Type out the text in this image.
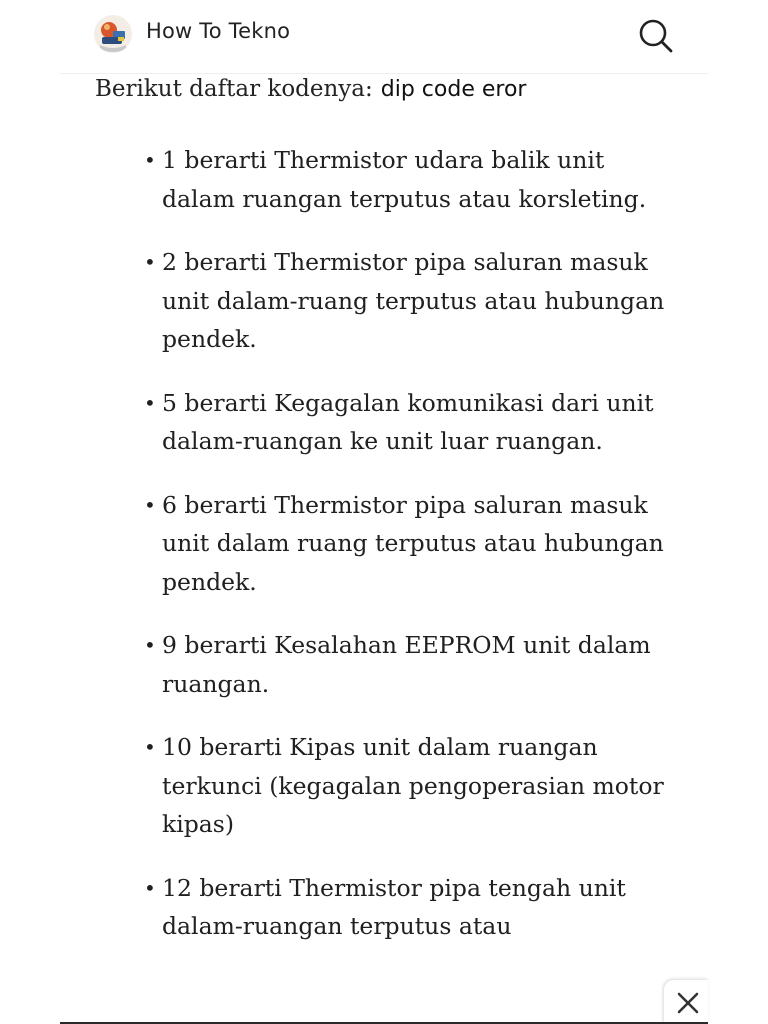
How To Tekno
Berikut daftar kodenya: dip code eror
• 1 berarti Thermistor udara balik unit dalam ruangan terputus atau korsleting.
• 2 berarti Thermistor pipa saluran masuk unit dalam-ruang terputus atau hubungan pendek.
• 5 berarti Kegagalan komunikasi dari unit dalam-ruangan ke unit luar ruangan.
• 6 berarti Thermistor pipa saluran masuk unit dalam ruang terputus atau hubungan pendek.
• 9 berarti Kesalahan EEPROM unit dalam ruangan.
• 10 berarti Kipas unit dalam ruangan terkunci (kegagalan pengoperasian motor kipas)
• 12 berarti Thermistor pipa tengah unit dalam-ruangan terputus atau
